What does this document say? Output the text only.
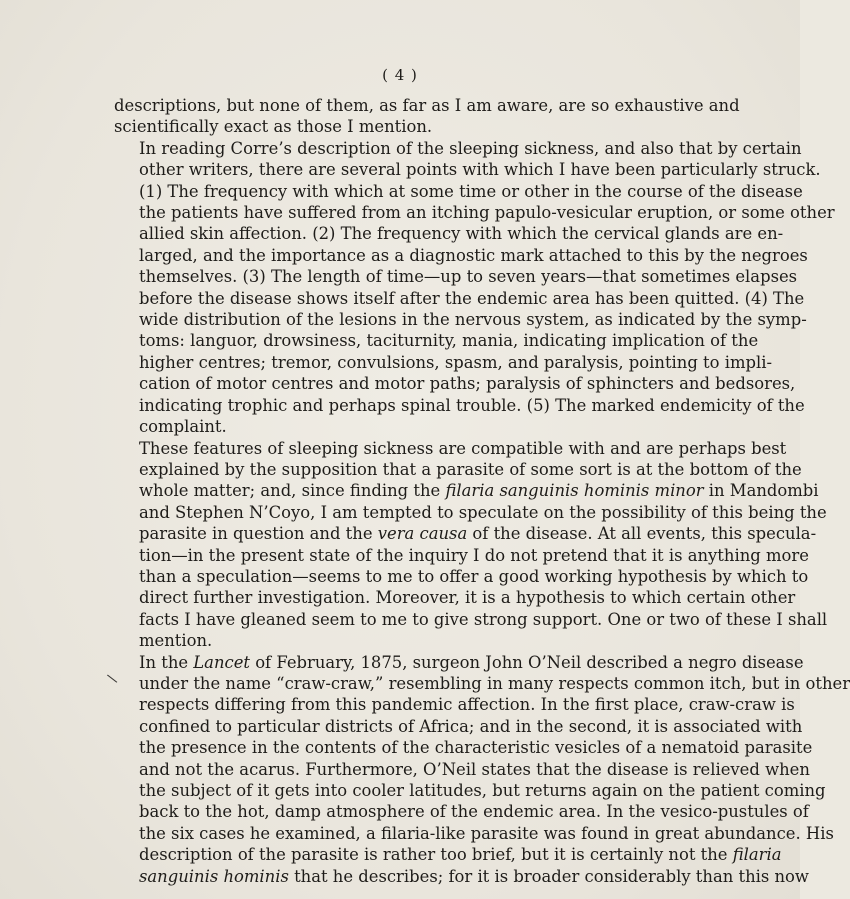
( 4 )
\

descriptions, but none of them, as far as I am aware, are so exhaustive and
scientifically exact as those I mention.

In reading Corre’s description of the sleeping sickness, and also that by certain
other writers, there are several points with which I have been particularly struck.
(1) The frequency with which at some time or other in the course of the disease
the patients have suffered from an itching papulo-vesicular eruption, or some other
allied skin affection. (2) The frequency with which the cervical glands are en-
larged, and the importance as a diagnostic mark attached to this by the negroes
themselves. (3) The length of time—up to seven years—that sometimes elapses
before the disease shows itself after the endemic area has been quitted. (4) The
wide distribution of the lesions in the nervous system, as indicated by the symp-
toms: languor, drowsiness, taciturnity, mania, indicating implication of the
higher centres; tremor, convulsions, spasm, and paralysis, pointing to impli-
cation of motor centres and motor paths; paralysis of sphincters and bedsores,
indicating trophic and perhaps spinal trouble. (5) The marked endemicity of the
complaint.

These features of sleeping sickness are compatible with and are perhaps best
explained by the supposition that a parasite of some sort is at the bottom of the
whole matter; and, since finding the filaria sanguinis hominis minor in Mandombi
and Stephen N’Coyo, I am tempted to speculate on the possibility of this being the
parasite in question and the vera causa of the disease. At all events, this specula-
tion—in the present state of the inquiry I do not pretend that it is anything more
than a speculation—seems to me to offer a good working hypothesis by which to
direct further investigation. Moreover, it is a hypothesis to which certain other
facts I have gleaned seem to me to give strong support. One or two of these I shall
mention.

In the Lancet of February, 1875, surgeon John O’Neil described a negro disease
under the name “craw-craw,” resembling in many respects common itch, but in other
respects differing from this pandemic affection. In the first place, craw-craw is
confined to particular districts of Africa; and in the second, it is associated with
the presence in the contents of the characteristic vesicles of a nematoid parasite
and not the acarus. Furthermore, O’Neil states that the disease is relieved when
the subject of it gets into cooler latitudes, but returns again on the patient coming
back to the hot, damp atmosphere of the endemic area. In the vesico-pustules of
the six cases he examined, a filaria-like parasite was found in great abundance. His
description of the parasite is rather too brief, but it is certainly not the filaria
sanguinis hominis that he describes; for it is broader considerably than this now
